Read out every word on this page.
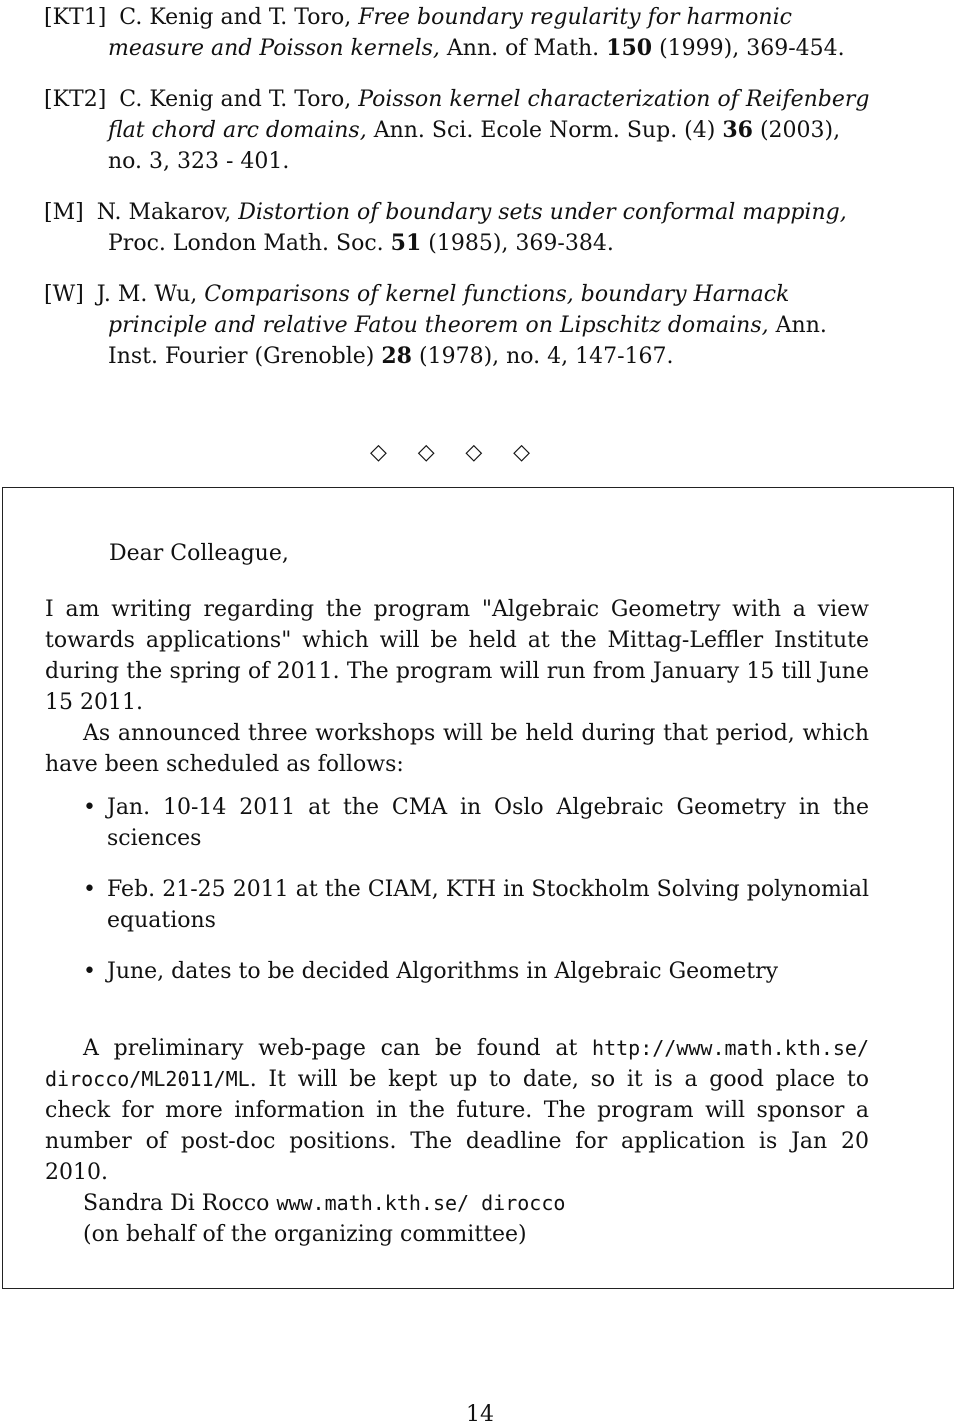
[KT1] C. Kenig and T. Toro, Free boundary regularity for harmonic measure and Poisson kernels, Ann. of Math. 150 (1999), 369-454.

[KT2] C. Kenig and T. Toro, Poisson kernel characterization of Reifenberg flat chord arc domains, Ann. Sci. Ecole Norm. Sup. (4) 36 (2003), no. 3, 323 - 401.

[M] N. Makarov, Distortion of boundary sets under conformal mapping, Proc. London Math. Soc. 51 (1985), 369-384.

[W] J. M. Wu, Comparisons of kernel functions, boundary Harnack principle and relative Fatou theorem on Lipschitz domains, Ann. Inst. Fourier (Grenoble) 28 (1978), no. 4, 147-167.

◇ ◇ ◇ ◇

Dear Colleague,

I am writing regarding the program "Algebraic Geometry with a view towards applications" which will be held at the Mittag-Leffler Institute during the spring of 2011. The program will run from January 15 till June 15 2011.

As announced three workshops will be held during that period, which have been scheduled as follows:

• Jan. 10-14 2011 at the CMA in Oslo Algebraic Geometry in the sciences
• Feb. 21-25 2011 at the CIAM, KTH in Stockholm Solving polynomial equations
• June, dates to be decided Algorithms in Algebraic Geometry

A preliminary web-page can be found at http://www.math.kth.se/ dirocco/ML2011/ML. It will be kept up to date, so it is a good place to check for more information in the future. The program will sponsor a number of post-doc positions. The deadline for application is Jan 20 2010.

Sandra Di Rocco www.math.kth.se/ dirocco

(on behalf of the organizing committee)

14
